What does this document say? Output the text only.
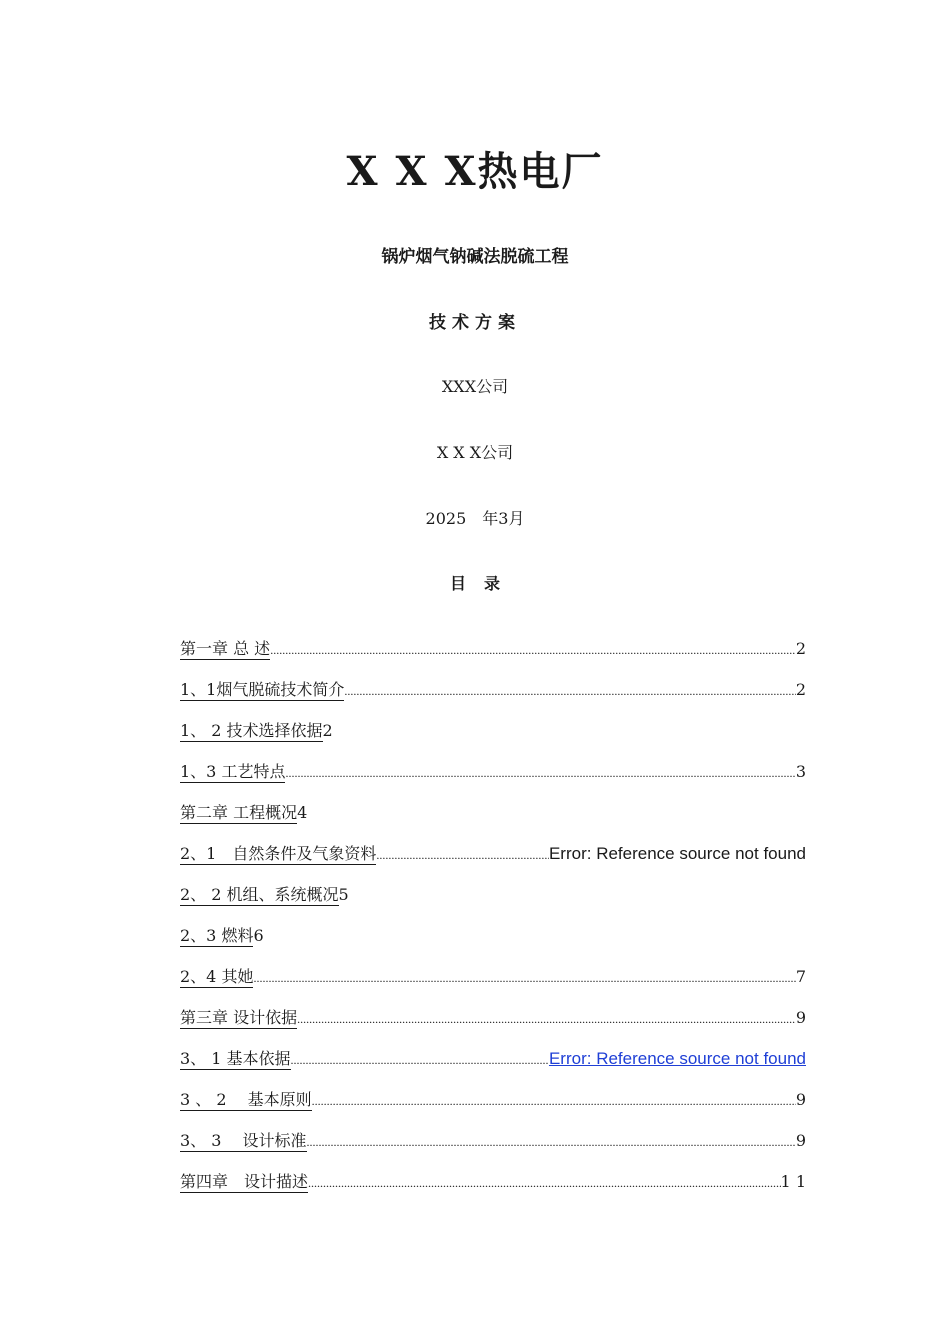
X X X热电厂
锅炉烟气钠碱法脱硫工程
技术方案
XXX公司
X X X公司
2025　年3月
目录
第一章 总 述 .....	2
1、1烟气脱硫技术简介 .....	2
1、 2 技术选择依据 2
1、3 工艺特点 .....	3
第二章 工程概况 4
2、1　自然条件及气象资料 .....	Error: Reference source not found
2、 2 机组、系统概况 5
2、3 燃料 6
2、4 其她 .....	7
第三章 设计依据 .....	9
3、 1 基本依据 .....	Error: Reference source not found
3 、 2 　基本原则 .....	9
3、 3 　设计标准 .....	9
第四章　设计描述 .....	1 1
